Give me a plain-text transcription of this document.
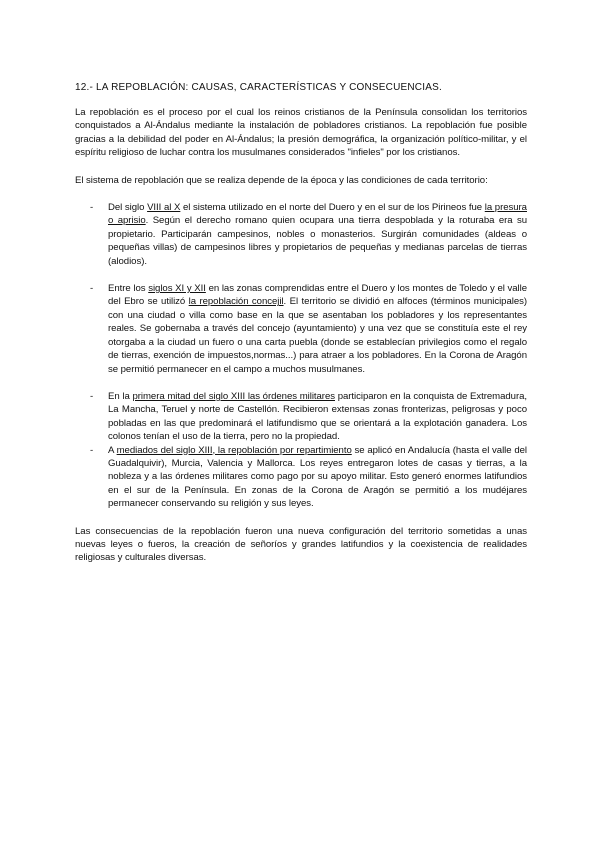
12.- LA REPOBLACIÓN: CAUSAS, CARACTERÍSTICAS Y CONSECUENCIAS.

La repoblación es el proceso por el cual los reinos cristianos de la Península consolidan los territorios conquistados a Al-Ándalus mediante la instalación de pobladores cristianos. La repoblación fue posible gracias a la debilidad del poder en Al-Ándalus; la presión demográfica, la organización político-militar, y el espíritu religioso de luchar contra los musulmanes considerados "infieles" por los cristianos.

El sistema de repoblación que se realiza depende de la época y las condiciones de cada territorio:

- Del siglo VIII al X el sistema utilizado en el norte del Duero y en el sur de los Pirineos fue la presura o aprisio. Según el derecho romano quien ocupara una tierra despoblada y la roturaba era su propietario. Participarán campesinos, nobles o monasterios. Surgirán comunidades (aldeas o pequeñas villas) de campesinos libres y propietarios de pequeñas y medianas parcelas de tierras (alodios).
- Entre los siglos XI y XII en las zonas comprendidas entre el Duero y los montes de Toledo y el valle del Ebro se utilizó la repoblación concejil. El territorio se dividió en alfoces (términos municipales) con una ciudad o villa como base en la que se asentaban los pobladores y los representantes reales. Se gobernaba a través del concejo (ayuntamiento) y una vez que se constituía este el rey otorgaba a la ciudad un fuero o una carta puebla (donde se establecían privilegios como el regalo de tierras, exención de impuestos,normas...) para atraer a los pobladores. En la Corona de Aragón se permitió permanecer en el campo a muchos musulmanes.
- En la primera mitad del siglo XIII las órdenes militares participaron en la conquista de Extremadura, La Mancha, Teruel y norte de Castellón. Recibieron extensas zonas fronterizas, peligrosas y poco pobladas en las que predominará el latifundismo que se orientará a la explotación ganadera. Los colonos tenían el uso de la tierra, pero no la propiedad.
- A mediados del siglo XIII, la repoblación por repartimiento se aplicó en Andalucía (hasta el valle del Guadalquivir), Murcia, Valencia y Mallorca. Los reyes entregaron lotes de casas y tierras, a la nobleza y a las órdenes militares como pago por su apoyo militar. Esto generó enormes latifundios en el sur de la Península. En zonas de la Corona de Aragón se permitió a los mudéjares permanecer conservando su religión y sus leyes.

Las consecuencias de la repoblación fueron una nueva configuración del territorio sometidas a unas nuevas leyes o fueros, la creación de señoríos y grandes latifundios y la coexistencia de realidades religiosas y culturales diversas.
